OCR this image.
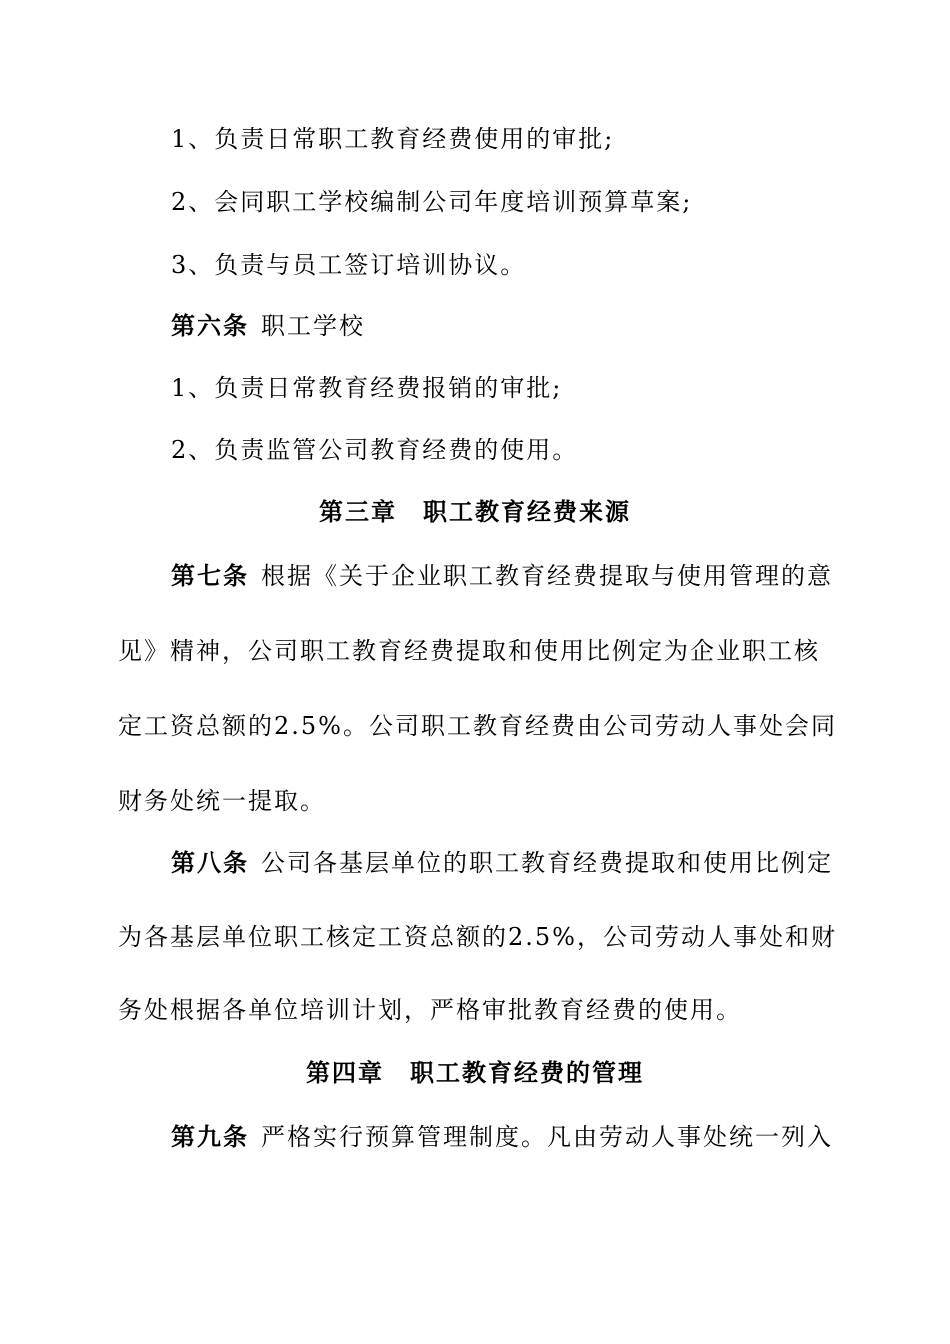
1、负责日常职工教育经费使用的审批;
2、会同职工学校编制公司年度培训预算草案;
3、负责与员工签订培训协议。
第六条 职工学校
1、负责日常教育经费报销的审批;
2、负责监管公司教育经费的使用。
第三章　职工教育经费来源
第七条 根据《关于企业职工教育经费提取与使用管理的意
见》精神，公司职工教育经费提取和使用比例定为企业职工核
定工资总额的2.5%。公司职工教育经费由公司劳动人事处会同
财务处统一提取。
第八条 公司各基层单位的职工教育经费提取和使用比例定
为各基层单位职工核定工资总额的2.5%，公司劳动人事处和财
务处根据各单位培训计划，严格审批教育经费的使用。
第四章　职工教育经费的管理
第九条 严格实行预算管理制度。凡由劳动人事处统一列入
